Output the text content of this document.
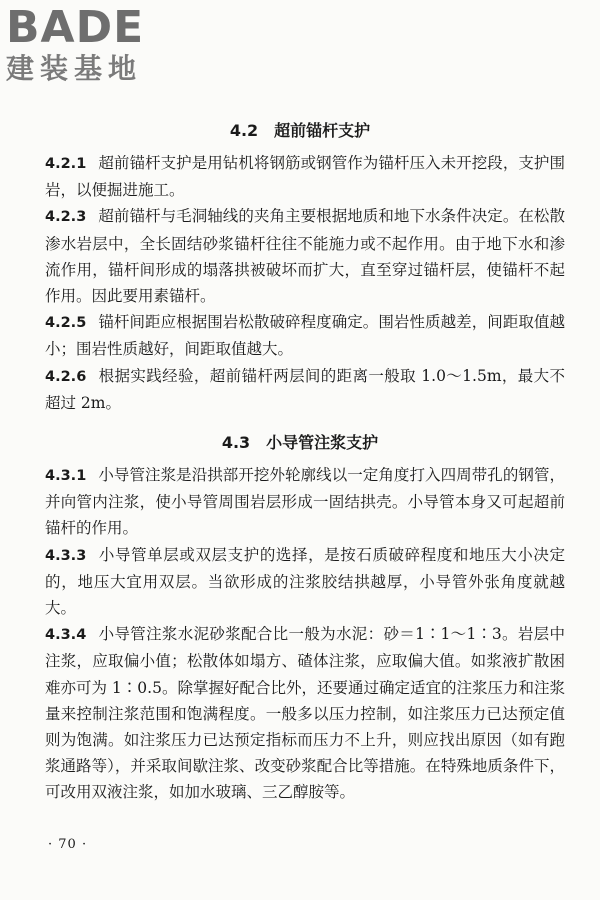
BADE
建装基地
4.2 超前锚杆支护

4.2.1 超前锚杆支护是用钻机将钢筋或钢管作为锚杆压入未开挖段，支护围岩，以便掘进施工。

4.2.3 超前锚杆与毛洞轴线的夹角主要根据地质和地下水条件决定。在松散渗水岩层中，全长固结砂浆锚杆往往不能施力或不起作用。由于地下水和渗流作用，锚杆间形成的塌落拱被破坏而扩大，直至穿过锚杆层，使锚杆不起作用。因此要用素锚杆。

4.2.5 锚杆间距应根据围岩松散破碎程度确定。围岩性质越差，间距取值越小；围岩性质越好，间距取值越大。

4.2.6 根据实践经验，超前锚杆两层间的距离一般取 1.0～1.5m，最大不超过 2m。

4.3 小导管注浆支护

4.3.1 小导管注浆是沿拱部开挖外轮廓线以一定角度打入四周带孔的钢管，并向管内注浆，使小导管周围岩层形成一固结拱壳。小导管本身又可起超前锚杆的作用。

4.3.3 小导管单层或双层支护的选择，是按石质破碎程度和地压大小决定的，地压大宜用双层。当欲形成的注浆胶结拱越厚，小导管外张角度就越大。

4.3.4 小导管注浆水泥砂浆配合比一般为水泥：砂＝1∶1～1∶3。岩层中注浆，应取偏小值；松散体如塌方、碴体注浆，应取偏大值。如浆液扩散困难亦可为 1∶0.5。除掌握好配合比外，还要通过确定适宜的注浆压力和注浆量来控制注浆范围和饱满程度。一般多以压力控制，如注浆压力已达预定值则为饱满。如注浆压力已达预定指标而压力不上升，则应找出原因（如有跑浆通路等），并采取间歇注浆、改变砂浆配合比等措施。在特殊地质条件下，可改用双液注浆，如加水玻璃、三乙醇胺等。

· 70 ·
